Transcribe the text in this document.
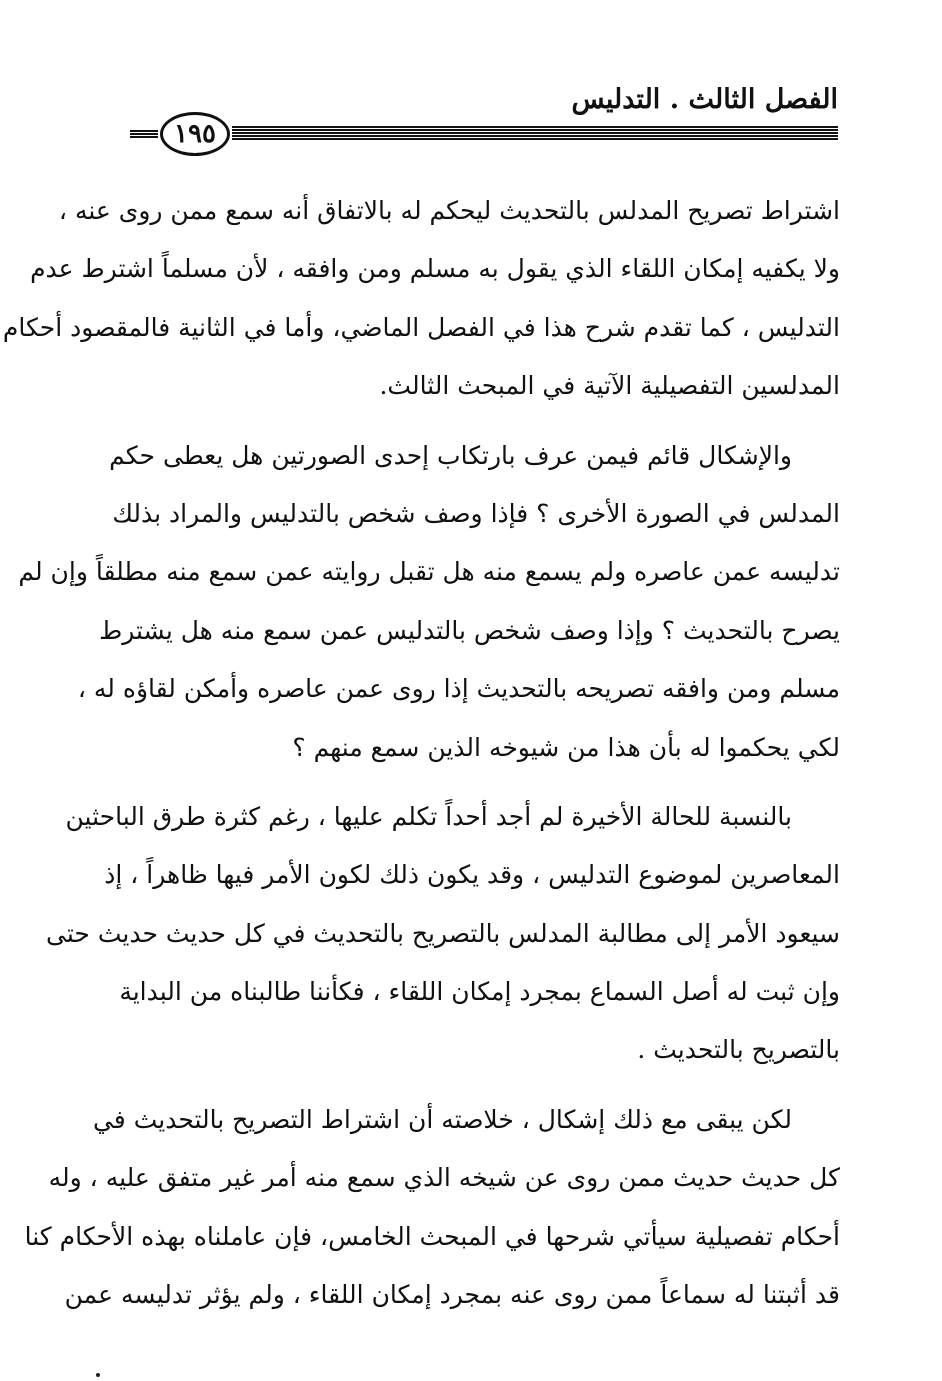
الفصل الثالث . التدليس
١٩٥
اشتراط تصريح المدلس بالتحديث ليحكم له بالاتفاق أنه سمع ممن روى عنه ،
ولا يكفيه إمكان اللقاء الذي يقول به مسلم ومن وافقه ، لأن مسلماً اشترط عدم
التدليس ، كما تقدم شرح هذا في الفصل الماضي، وأما في الثانية فالمقصود أحكام
المدلسين التفصيلية الآتية في المبحث الثالث.
والإشكال قائم فيمن عرف بارتكاب إحدى الصورتين هل يعطى حكم
المدلس في الصورة الأخرى ؟ فإذا وصف شخص بالتدليس والمراد بذلك
تدليسه عمن عاصره ولم يسمع منه هل تقبل روايته عمن سمع منه مطلقاً وإن لم
يصرح بالتحديث ؟ وإذا وصف شخص بالتدليس عمن سمع منه هل يشترط
مسلم ومن وافقه تصريحه بالتحديث إذا روى عمن عاصره وأمكن لقاؤه له ،
لكي يحكموا له بأن هذا من شيوخه الذين سمع منهم ؟
بالنسبة للحالة الأخيرة لم أجد أحداً تكلم عليها ، رغم كثرة طرق الباحثين
المعاصرين لموضوع التدليس ، وقد يكون ذلك لكون الأمر فيها ظاهراً ، إذ
سيعود الأمر إلى مطالبة المدلس بالتصريح بالتحديث في كل حديث حديث حتى
وإن ثبت له أصل السماع بمجرد إمكان اللقاء ، فكأننا طالبناه من البداية
بالتصريح بالتحديث .
لكن يبقى مع ذلك إشكال ، خلاصته أن اشتراط التصريح بالتحديث في
كل حديث حديث ممن روى عن شيخه الذي سمع منه أمر غير متفق عليه ، وله
أحكام تفصيلية سيأتي شرحها في المبحث الخامس، فإن عاملناه بهذه الأحكام كنا
قد أثبتنا له سماعاً ممن روى عنه بمجرد إمكان اللقاء ، ولم يؤثر تدليسه عمن
